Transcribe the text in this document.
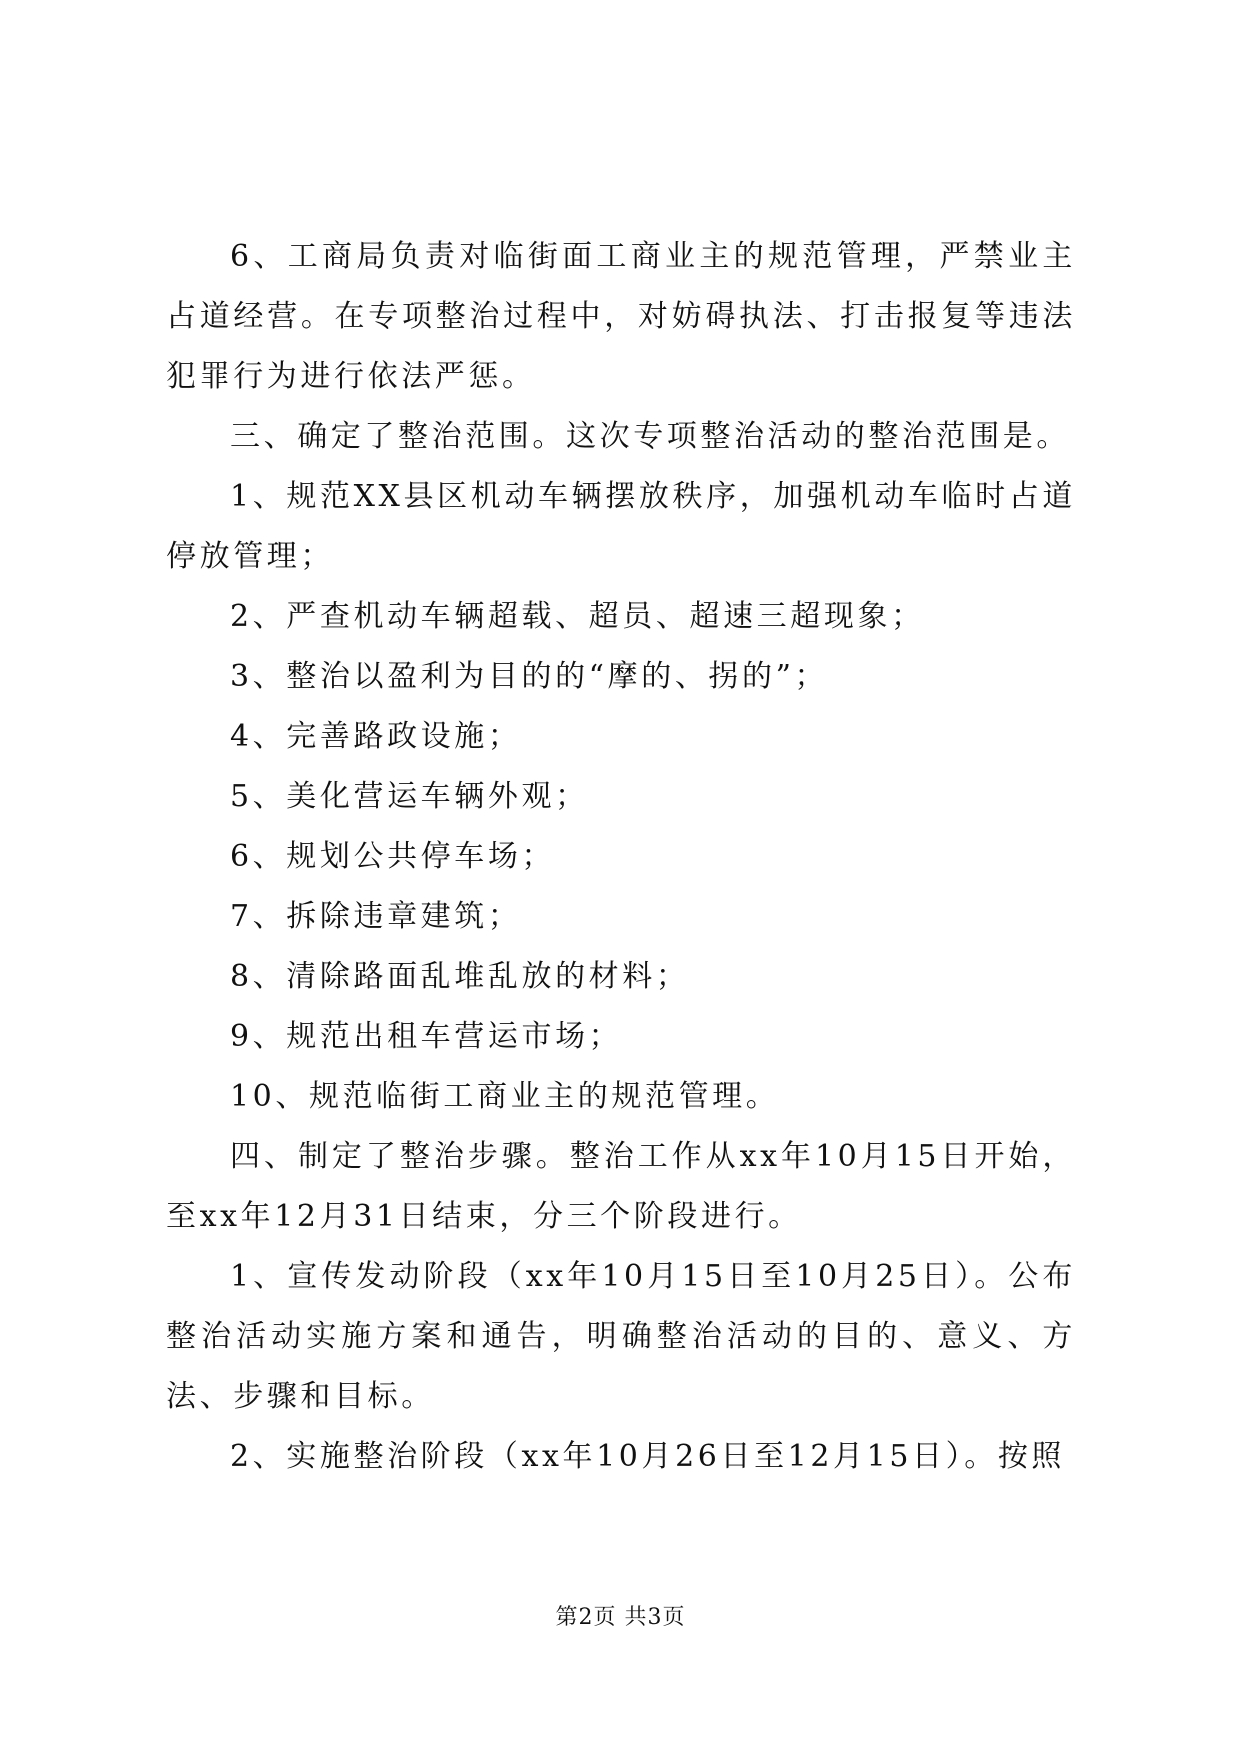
6、工商局负责对临街面工商业主的规范管理，严禁业主占道经营。在专项整治过程中，对妨碍执法、打击报复等违法犯罪行为进行依法严惩。

三、确定了整治范围。这次专项整治活动的整治范围是。

1、规范XX县区机动车辆摆放秩序，加强机动车临时占道停放管理；

2、严查机动车辆超载、超员、超速三超现象；

3、整治以盈利为目的的“摩的、拐的”；

4、完善路政设施；

5、美化营运车辆外观；

6、规划公共停车场；

7、拆除违章建筑；

8、清除路面乱堆乱放的材料；

9、规范出租车营运市场；

10、规范临街工商业主的规范管理。

四、制定了整治步骤。整治工作从xx年10月15日开始，至xx年12月31日结束，分三个阶段进行。

1、宣传发动阶段（xx年10月15日至10月25日）。公布整治活动实施方案和通告，明确整治活动的目的、意义、方法、步骤和目标。

2、实施整治阶段（xx年10月26日至12月15日）。按照

第2页 共3页
